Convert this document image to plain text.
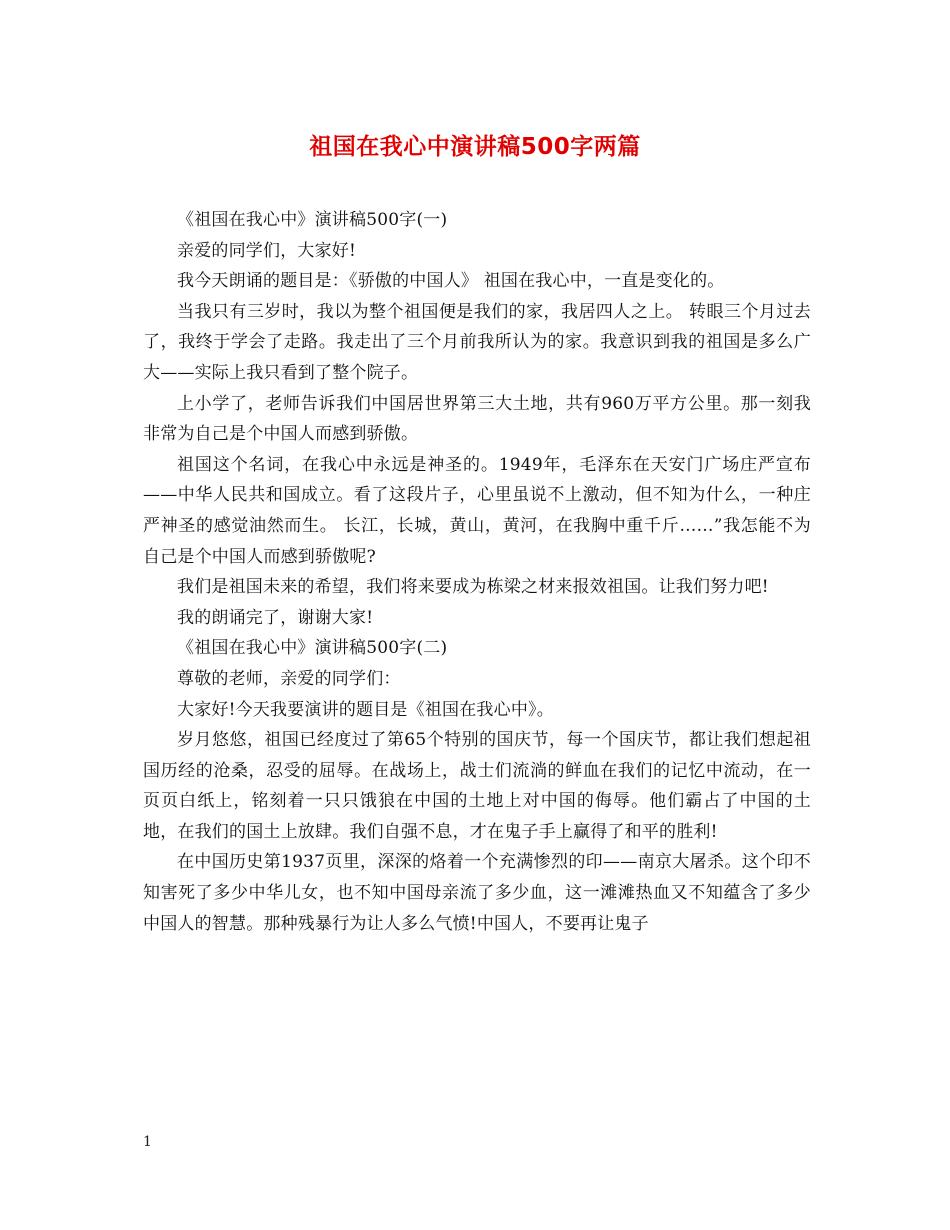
祖国在我心中演讲稿500字两篇

《祖国在我心中》演讲稿500字(一)

亲爱的同学们，大家好!

我今天朗诵的题目是：《骄傲的中国人》 祖国在我心中，一直是变化的。

当我只有三岁时，我以为整个祖国便是我们的家，我居四人之上。 转眼三个月过去了，我终于学会了走路。我走出了三个月前我所认为的家。我意识到我的祖国是多么广大——实际上我只看到了整个院子。

上小学了，老师告诉我们中国居世界第三大土地，共有960万平方公里。那一刻我非常为自己是个中国人而感到骄傲。

祖国这个名词，在我心中永远是神圣的。1949年，毛泽东在天安门广场庄严宣布——中华人民共和国成立。看了这段片子，心里虽说不上激动，但不知为什么，一种庄严神圣的感觉油然而生。 长江，长城，黄山，黄河，在我胸中重千斤……”我怎能不为自己是个中国人而感到骄傲呢?

我们是祖国未来的希望，我们将来要成为栋梁之材来报效祖国。让我们努力吧!

我的朗诵完了，谢谢大家!

《祖国在我心中》演讲稿500字(二)

尊敬的老师，亲爱的同学们：

大家好!今天我要演讲的题目是《祖国在我心中》。

岁月悠悠，祖国已经度过了第65个特别的国庆节，每一个国庆节，都让我们想起祖国历经的沧桑，忍受的屈辱。在战场上，战士们流淌的鲜血在我们的记忆中流动，在一页页白纸上，铭刻着一只只饿狼在中国的土地上对中国的侮辱。他们霸占了中国的土地，在我们的国土上放肆。我们自强不息，才在鬼子手上赢得了和平的胜利!

在中国历史第1937页里，深深的烙着一个充满惨烈的印——南京大屠杀。这个印不知害死了多少中华儿女，也不知中国母亲流了多少血，这一滩滩热血又不知蕴含了多少中国人的智慧。那种残暴行为让人多么气愤!中国人，不要再让鬼子

1
